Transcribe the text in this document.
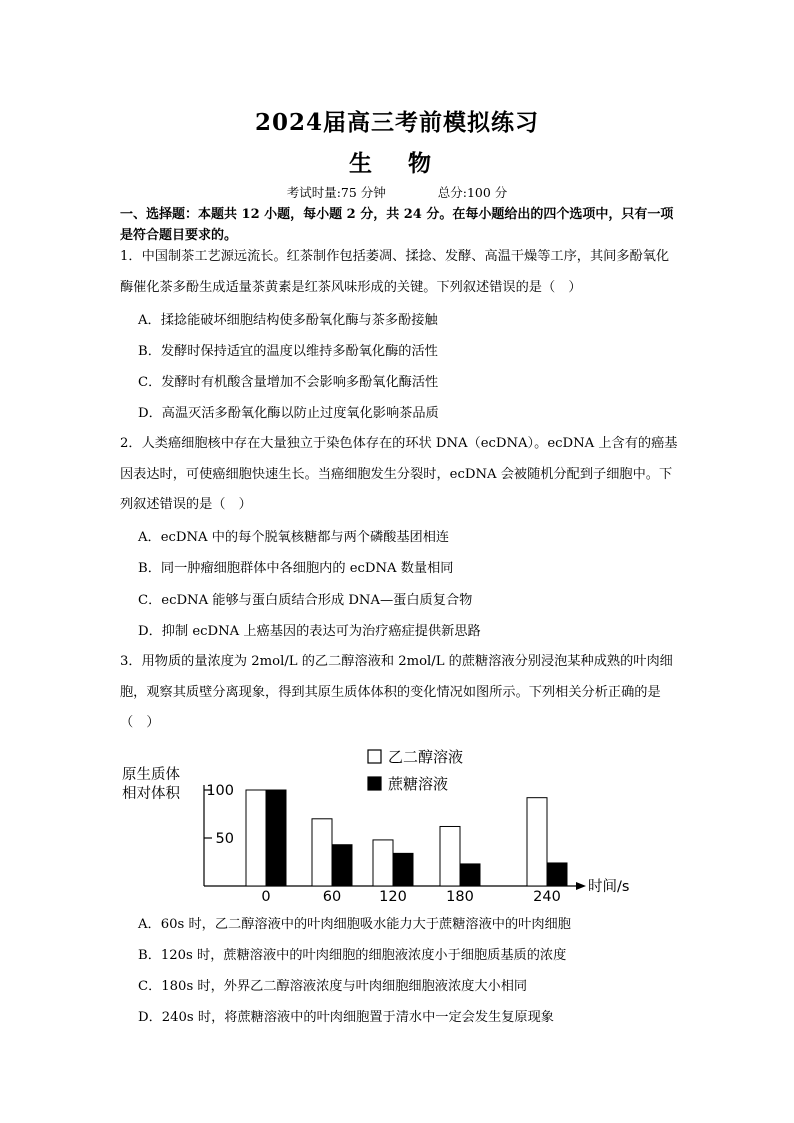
2024届高三考前模拟练习
生 物
考试时量:75 分钟	总分:100 分
一、选择题：本题共 12 小题，每小题 2 分，共 24 分。在每小题给出的四个选项中，只有一项是符合题目要求的。
1．中国制茶工艺源远流长。红茶制作包括萎凋、揉捻、发酵、高温干燥等工序，其间多酚氧化酶催化茶多酚生成适量茶黄素是红茶风味形成的关键。下列叙述错误的是（　）
A．揉捻能破坏细胞结构使多酚氧化酶与茶多酚接触
B．发酵时保持适宜的温度以维持多酚氧化酶的活性
C．发酵时有机酸含量增加不会影响多酚氧化酶活性
D．高温灭活多酚氧化酶以防止过度氧化影响茶品质
2．人类癌细胞核中存在大量独立于染色体存在的环状 DNA（ecDNA）。ecDNA 上含有的癌基因表达时，可使癌细胞快速生长。当癌细胞发生分裂时，ecDNA 会被随机分配到子细胞中。下列叙述错误的是（　）
A．ecDNA 中的每个脱氧核糖都与两个磷酸基团相连
B．同一肿瘤细胞群体中各细胞内的 ecDNA 数量相同
C．ecDNA 能够与蛋白质结合形成 DNA—蛋白质复合物
D．抑制 ecDNA 上癌基因的表达可为治疗癌症提供新思路
3．用物质的量浓度为 2mol/L 的乙二醇溶液和 2mol/L 的蔗糖溶液分别浸泡某种成熟的叶肉细胞，观察其质壁分离现象，得到其原生质体体积的变化情况如图所示。下列相关分析正确的是（　）
乙二醇溶液
蔗糖溶液
原生质体
相对体积
时间/s
100
50
0	60	120	180	240
A．60s 时，乙二醇溶液中的叶肉细胞吸水能力大于蔗糖溶液中的叶肉细胞
B．120s 时，蔗糖溶液中的叶肉细胞的细胞液浓度小于细胞质基质的浓度
C．180s 时，外界乙二醇溶液浓度与叶肉细胞细胞液浓度大小相同
D．240s 时，将蔗糖溶液中的叶肉细胞置于清水中一定会发生复原现象
